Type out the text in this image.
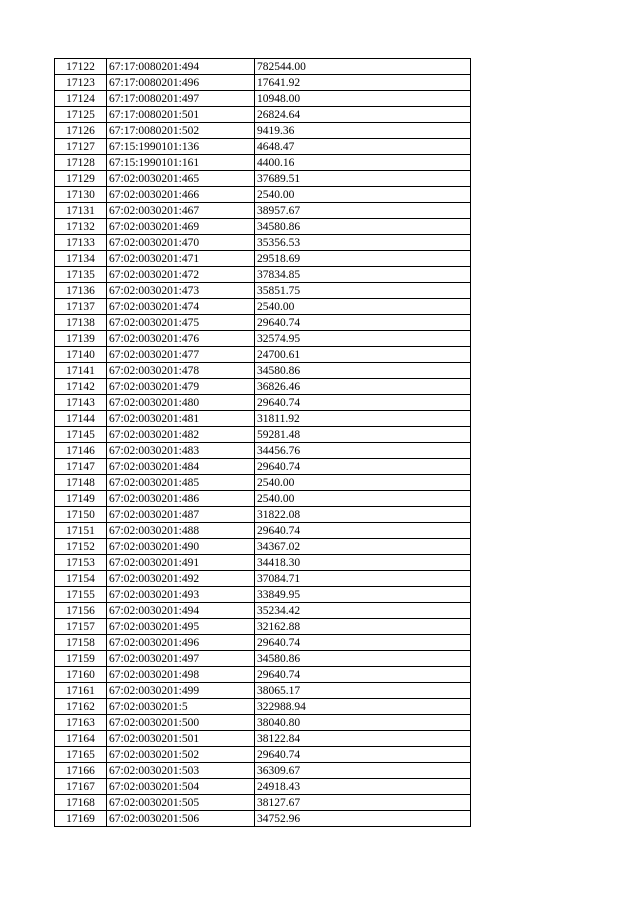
17122	67:17:0080201:494	782544.00
17123	67:17:0080201:496	17641.92
17124	67:17:0080201:497	10948.00
17125	67:17:0080201:501	26824.64
17126	67:17:0080201:502	9419.36
17127	67:15:1990101:136	4648.47
17128	67:15:1990101:161	4400.16
17129	67:02:0030201:465	37689.51
17130	67:02:0030201:466	2540.00
17131	67:02:0030201:467	38957.67
17132	67:02:0030201:469	34580.86
17133	67:02:0030201:470	35356.53
17134	67:02:0030201:471	29518.69
17135	67:02:0030201:472	37834.85
17136	67:02:0030201:473	35851.75
17137	67:02:0030201:474	2540.00
17138	67:02:0030201:475	29640.74
17139	67:02:0030201:476	32574.95
17140	67:02:0030201:477	24700.61
17141	67:02:0030201:478	34580.86
17142	67:02:0030201:479	36826.46
17143	67:02:0030201:480	29640.74
17144	67:02:0030201:481	31811.92
17145	67:02:0030201:482	59281.48
17146	67:02:0030201:483	34456.76
17147	67:02:0030201:484	29640.74
17148	67:02:0030201:485	2540.00
17149	67:02:0030201:486	2540.00
17150	67:02:0030201:487	31822.08
17151	67:02:0030201:488	29640.74
17152	67:02:0030201:490	34367.02
17153	67:02:0030201:491	34418.30
17154	67:02:0030201:492	37084.71
17155	67:02:0030201:493	33849.95
17156	67:02:0030201:494	35234.42
17157	67:02:0030201:495	32162.88
17158	67:02:0030201:496	29640.74
17159	67:02:0030201:497	34580.86
17160	67:02:0030201:498	29640.74
17161	67:02:0030201:499	38065.17
17162	67:02:0030201:5	322988.94
17163	67:02:0030201:500	38040.80
17164	67:02:0030201:501	38122.84
17165	67:02:0030201:502	29640.74
17166	67:02:0030201:503	36309.67
17167	67:02:0030201:504	24918.43
17168	67:02:0030201:505	38127.67
17169	67:02:0030201:506	34752.96
